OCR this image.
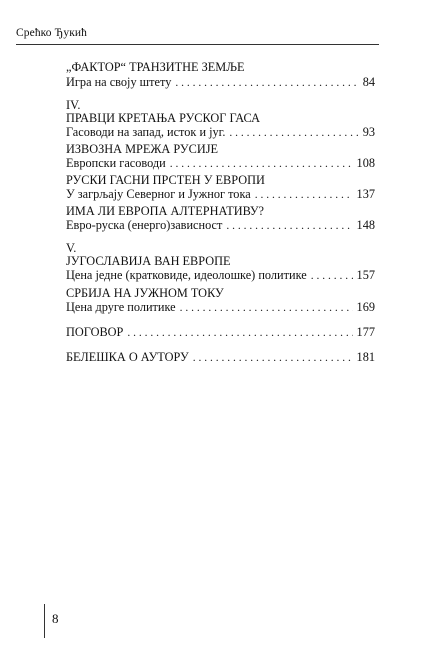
Срећко Ђукић
„ФАКТОР“ ТРАНЗИТНЕ ЗЕМЉЕ
Игра на своју штету . . .	84
IV.
ПРАВЦИ КРЕТАЊА РУСКОГ ГАСА
Гасоводи на запад, исток и југ. . . .	93
ИЗВОЗНА МРЕЖА РУСИЈЕ
Европски гасоводи . . .	108
РУСКИ ГАСНИ ПРСТЕН У ЕВРОПИ
У загрљају Северног и Јужног тока . . .	137
ИМА ЛИ ЕВРОПА АЛТЕРНАТИВУ?
Евро-руска (енерго)зависност . . .	148
V.
ЈУГОСЛАВИЈА ВАН ЕВРОПЕ
Цена једне (кратковиде, идеолошке) политике . . .	157
СРБИЈА НА ЈУЖНОМ ТОКУ
Цена друге политике . . .	169
ПОГОВОР . . .	177
БЕЛЕШКА О АУТОРУ . . .	181
8
